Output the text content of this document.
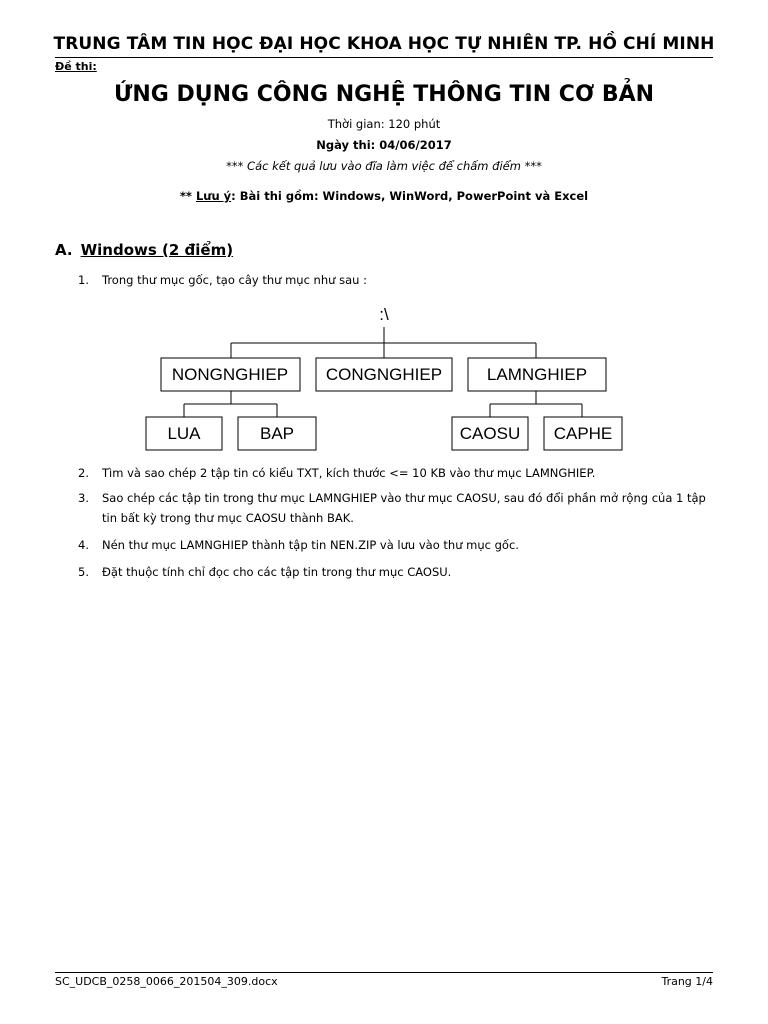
TRUNG TÂM TIN HỌC ĐẠI HỌC KHOA HỌC TỰ NHIÊN TP. HỒ CHÍ MINH
Đề thi:
ỨNG DỤNG CÔNG NGHỆ THÔNG TIN CƠ BẢN
Thời gian: 120 phút
Ngày thi: 04/06/2017
*** Các kết quả lưu vào đĩa làm việc để chấm điểm ***
** Lưu ý: Bài thi gồm: Windows, WinWord, PowerPoint và Excel
A. Windows (2 điểm)
1. Trong thư mục gốc, tạo cây thư mục như sau :
:\
NONGNGHIEP CONGNGHIEP	LAMNGHIEP
LUA	BAP	CAOSU CAPHE
2. Tìm và sao chép 2 tập tin có kiểu TXT, kích thước <= 10 KB vào thư mục LAMNGHIEP.
3. Sao chép các tập tin trong thư mục LAMNGHIEP vào thư mục CAOSU, sau đó đổi phần mở rộng của 1 tập tin bất kỳ trong thư mục CAOSU thành BAK.
4. Nén thư mục LAMNGHIEP thành tập tin NEN.ZIP và lưu vào thư mục gốc.
5. Đặt thuộc tính chỉ đọc cho các tập tin trong thư mục CAOSU.
SC_UDCB_0258_0066_201504_309.docx	Trang 1/4
